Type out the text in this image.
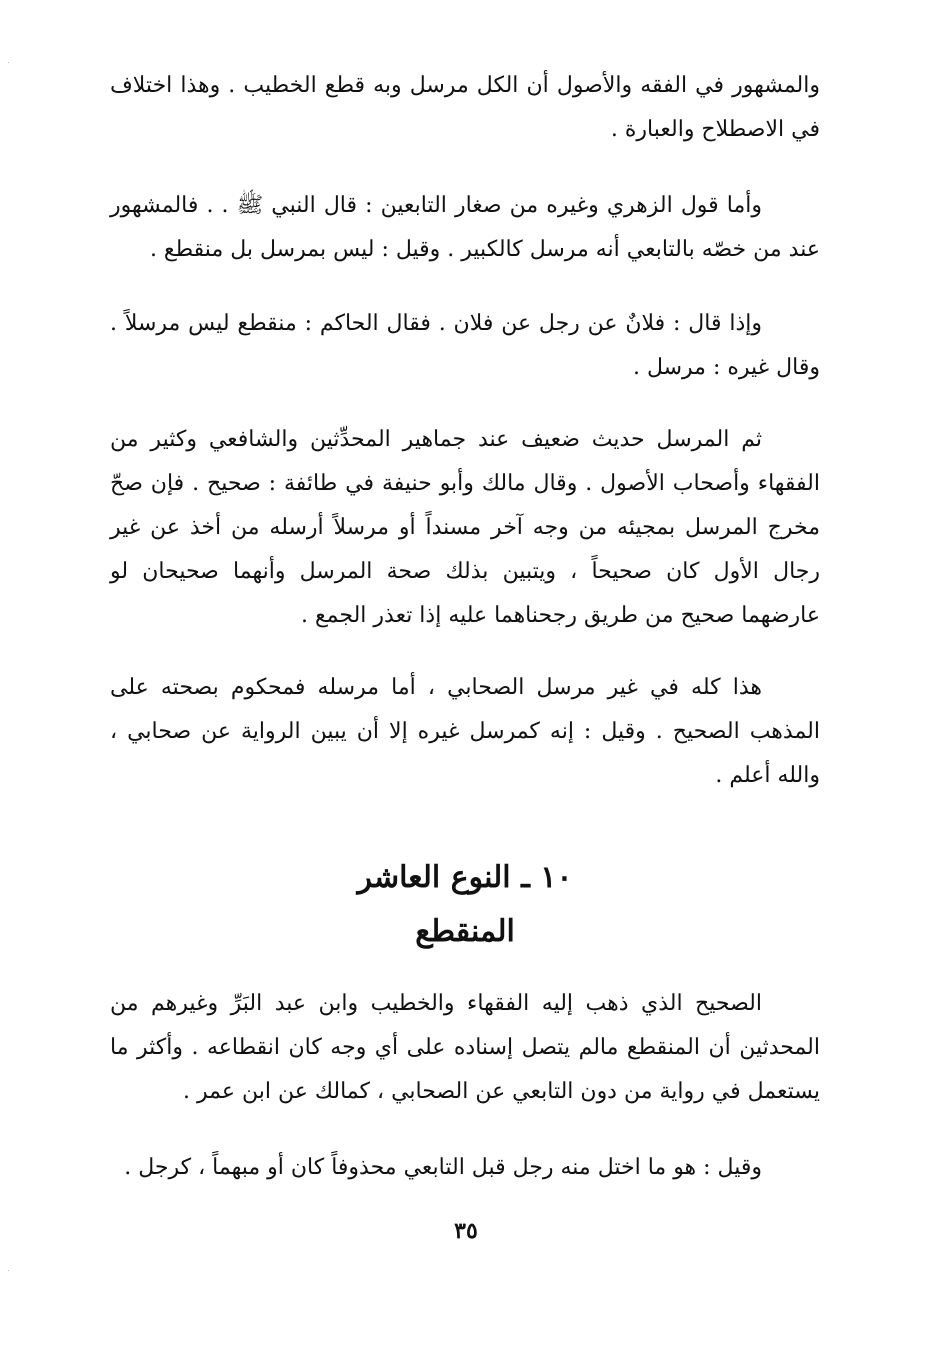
والمشهور في الفقه والأصول أن الكل مرسل وبه قطع الخطيب . وهذا اختلاف في الاصطلاح والعبارة .

وأما قول الزهري وغيره من صغار التابعين : قال النبي ﷺ . . فالمشهور عند من خصّه بالتابعي أنه مرسل كالكبير . وقيل : ليس بمرسل بل منقطع .

وإذا قال : فلانٌ عن رجل عن فلان . فقال الحاكم : منقطع ليس مرسلاً . وقال غيره : مرسل .

ثم المرسل حديث ضعيف عند جماهير المحدِّثين والشافعي وكثير من الفقهاء وأصحاب الأصول . وقال مالك وأبو حنيفة في طائفة : صحيح . فإن صحّ مخرج المرسل بمجيئه من وجه آخر مسنداً أو مرسلاً أرسله من أخذ عن غير رجال الأول كان صحيحاً ، ويتبين بذلك صحة المرسل وأنهما صحيحان لو عارضهما صحيح من طريق رجحناهما عليه إذا تعذر الجمع .

هذا كله في غير مرسل الصحابي ، أما مرسله فمحكوم بصحته على المذهب الصحيح . وقيل : إنه كمرسل غيره إلا أن يبين الرواية عن صحابي ، والله أعلم .

١٠ ـ النوع العاشر
المنقطع

الصحيح الذي ذهب إليه الفقهاء والخطيب وابن عبد البَرِّ وغيرهم من المحدثين أن المنقطع مالم يتصل إسناده على أي وجه كان انقطاعه . وأكثر ما يستعمل في رواية من دون التابعي عن الصحابي ، كمالك عن ابن عمر .

وقيل : هو ما اختل منه رجل قبل التابعي محذوفاً كان أو مبهماً ، كرجل .

٣٥
